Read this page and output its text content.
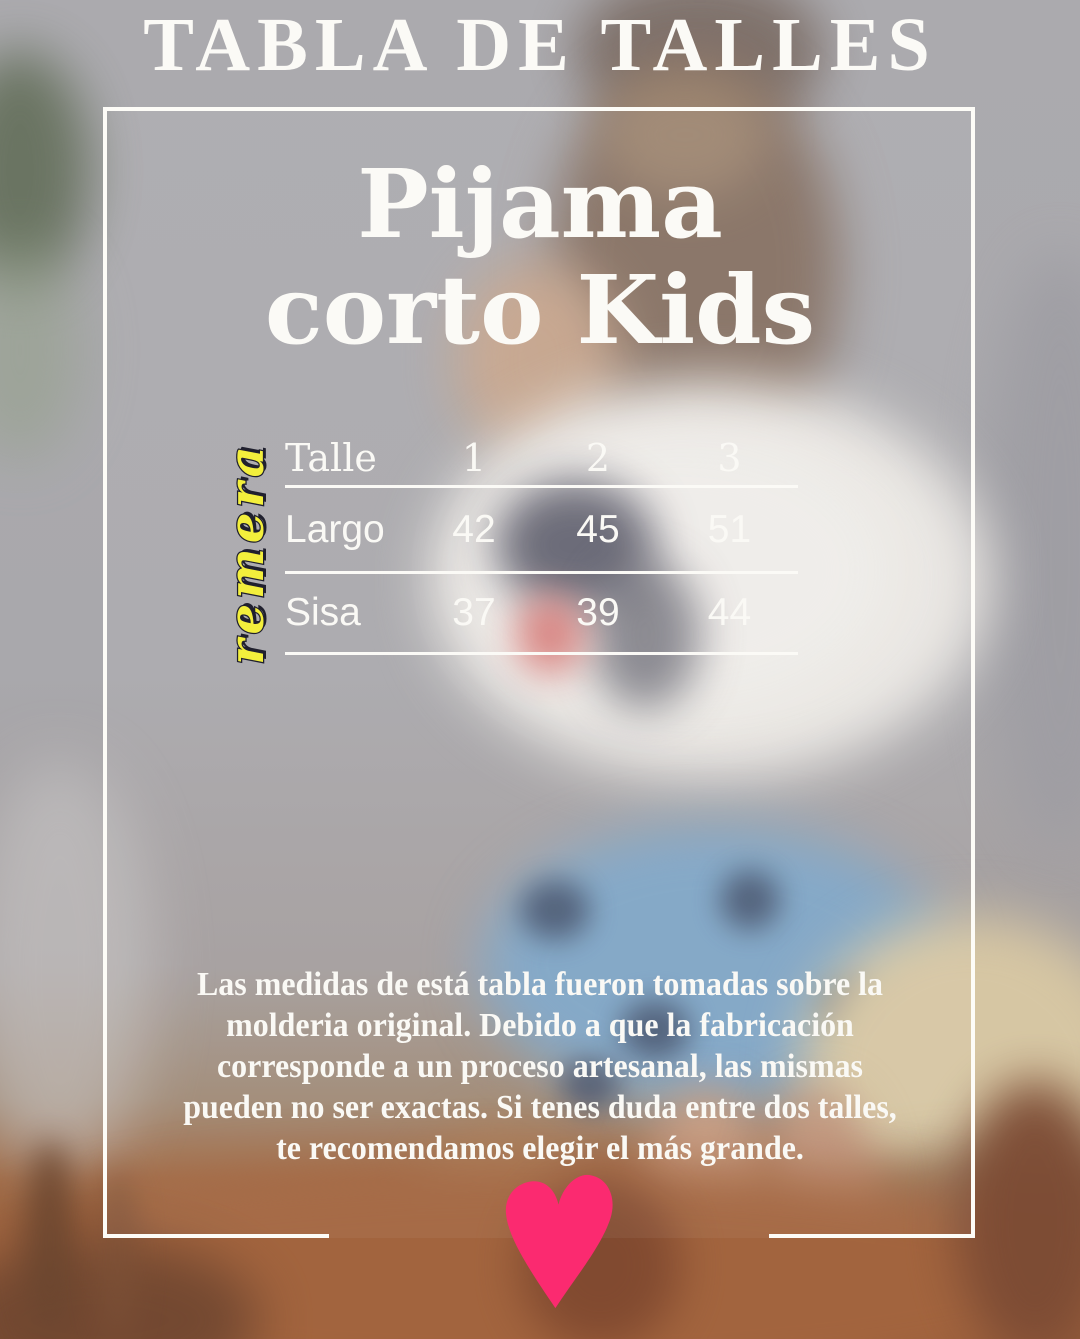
TABLA DE TALLES
Pijama
corto Kids
remera Talle	1	2	3
Largo	42	45	51
Sisa	37	39	44
Las medidas de está tabla fueron tomadas sobre la
molderia original. Debido a que la fabricación
corresponde a un proceso artesanal, las mismas
pueden no ser exactas. Si tenes duda entre dos talles,
te recomendamos elegir el más grande.
